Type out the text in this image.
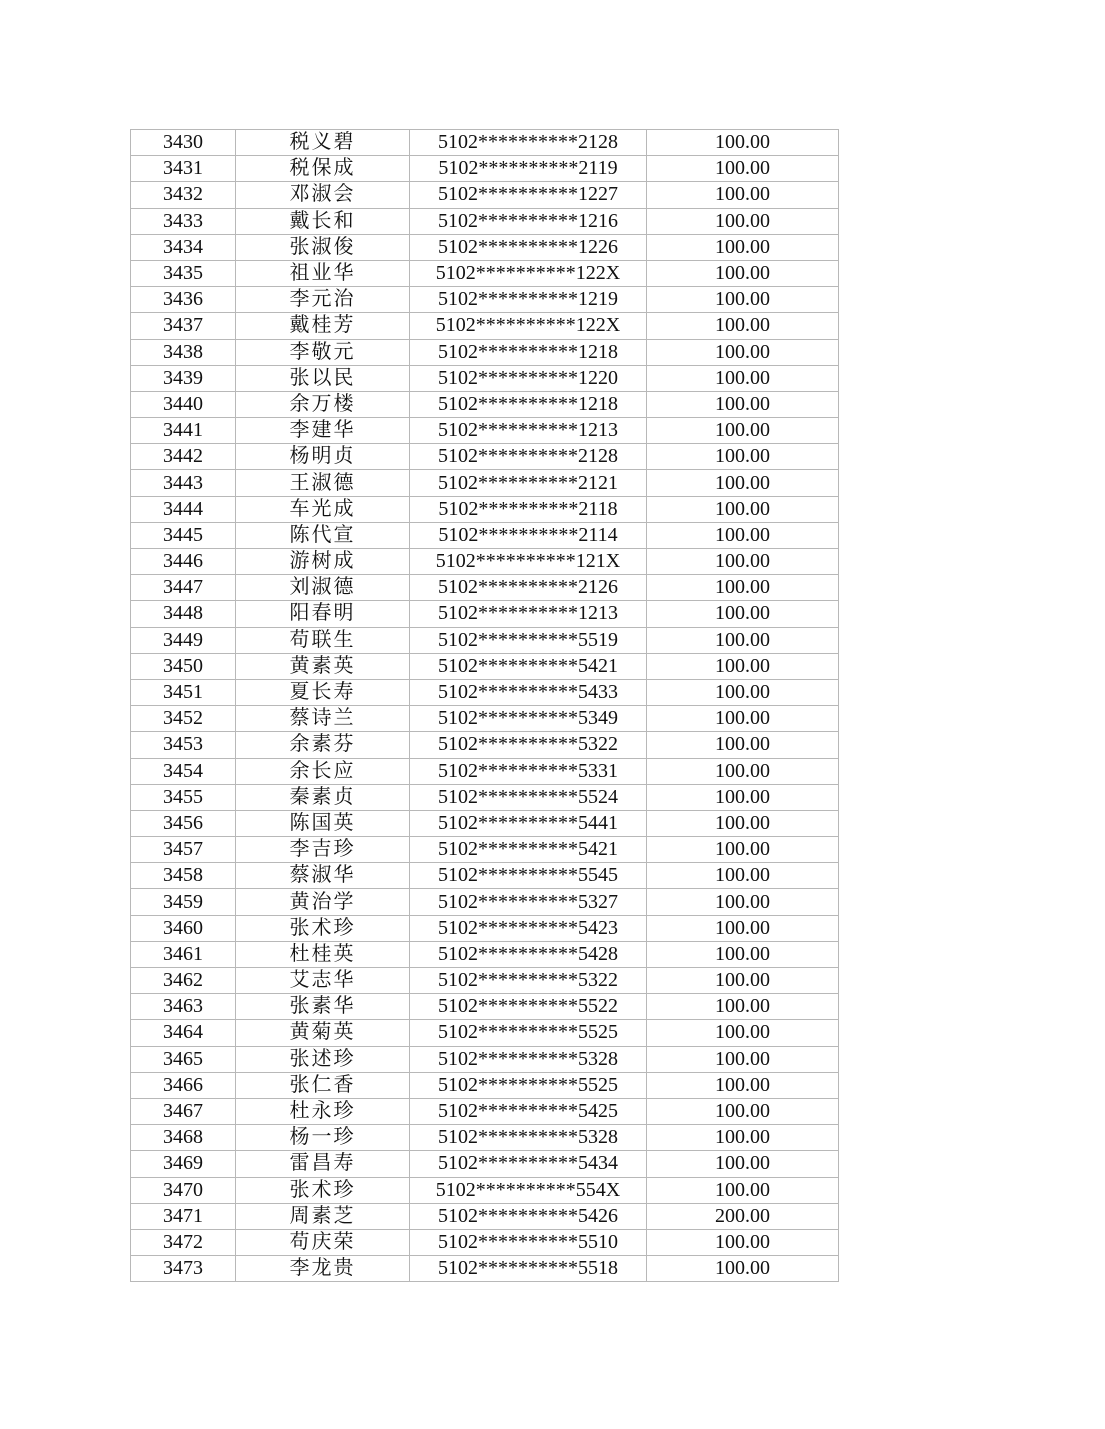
3430	税义碧	5102**********2128	100.00
3431	税保成	5102**********2119	100.00
3432	邓淑会	5102**********1227	100.00
3433	戴长和	5102**********1216	100.00
3434	张淑俊	5102**********1226	100.00
3435	祖业华	5102**********122X	100.00
3436	李元治	5102**********1219	100.00
3437	戴桂芳	5102**********122X	100.00
3438	李敬元	5102**********1218	100.00
3439	张以民	5102**********1220	100.00
3440	余万楼	5102**********1218	100.00
3441	李建华	5102**********1213	100.00
3442	杨明贞	5102**********2128	100.00
3443	王淑德	5102**********2121	100.00
3444	车光成	5102**********2118	100.00
3445	陈代宣	5102**********2114	100.00
3446	游树成	5102**********121X	100.00
3447	刘淑德	5102**********2126	100.00
3448	阳春明	5102**********1213	100.00
3449	苟联生	5102**********5519	100.00
3450	黄素英	5102**********5421	100.00
3451	夏长寿	5102**********5433	100.00
3452	蔡诗兰	5102**********5349	100.00
3453	余素芬	5102**********5322	100.00
3454	余长应	5102**********5331	100.00
3455	秦素贞	5102**********5524	100.00
3456	陈国英	5102**********5441	100.00
3457	李吉珍	5102**********5421	100.00
3458	蔡淑华	5102**********5545	100.00
3459	黄治学	5102**********5327	100.00
3460	张术珍	5102**********5423	100.00
3461	杜桂英	5102**********5428	100.00
3462	艾志华	5102**********5322	100.00
3463	张素华	5102**********5522	100.00
3464	黄菊英	5102**********5525	100.00
3465	张述珍	5102**********5328	100.00
3466	张仁香	5102**********5525	100.00
3467	杜永珍	5102**********5425	100.00
3468	杨一珍	5102**********5328	100.00
3469	雷昌寿	5102**********5434	100.00
3470	张术珍	5102**********554X	100.00
3471	周素芝	5102**********5426	200.00
3472	苟庆荣	5102**********5510	100.00
3473	李龙贵	5102**********5518	100.00
